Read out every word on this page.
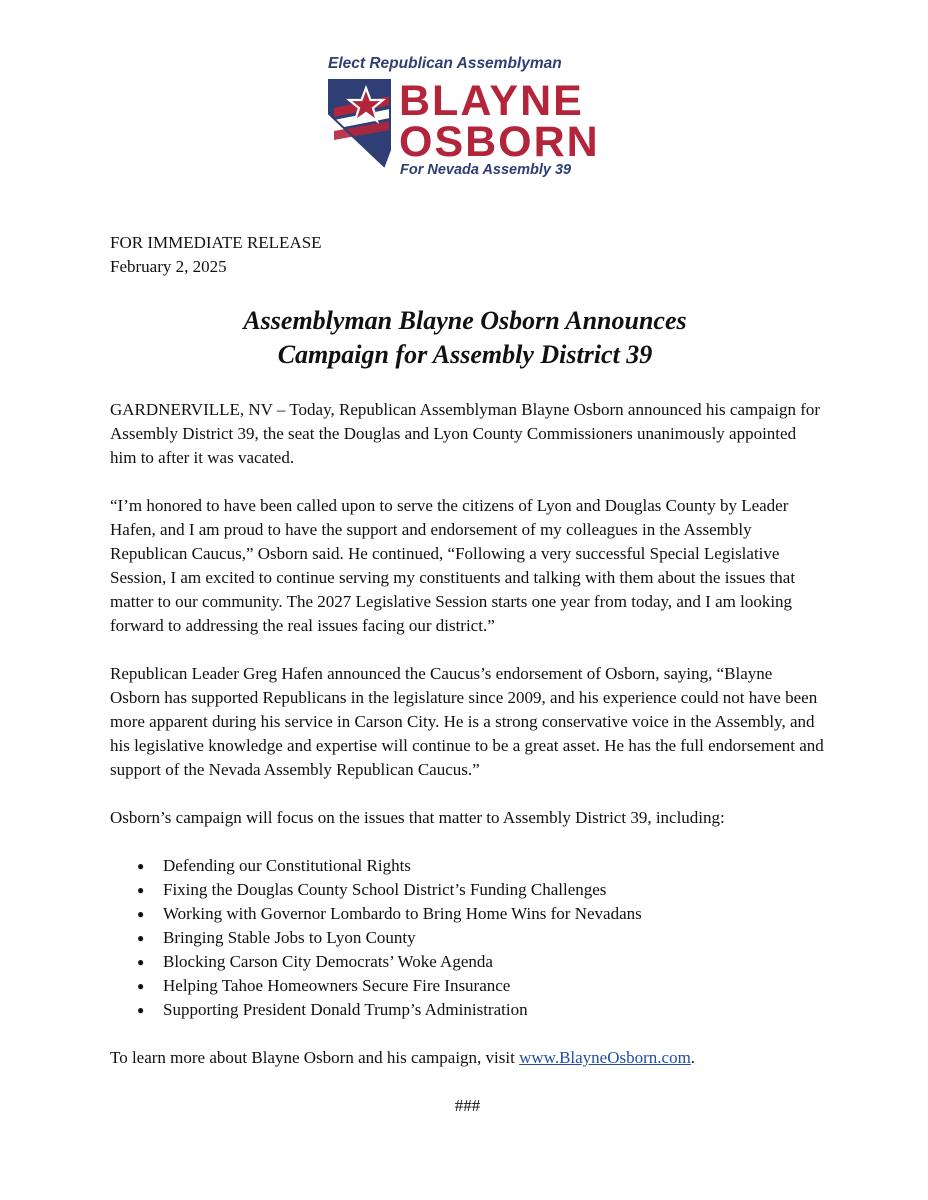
Elect Republican Assemblyman
BLAYNE
OSBORN
For Nevada Assembly 39
FOR IMMEDIATE RELEASE
February 2, 2025
Assemblyman Blayne Osborn Announces
Campaign for Assembly District 39

GARDNERVILLE, NV – Today, Republican Assemblyman Blayne Osborn announced his campaign for Assembly District 39, the seat the Douglas and Lyon County Commissioners unanimously appointed him to after it was vacated.

“I’m honored to have been called upon to serve the citizens of Lyon and Douglas County by Leader Hafen, and I am proud to have the support and endorsement of my colleagues in the Assembly Republican Caucus,” Osborn said. He continued, “Following a very successful Special Legislative Session, I am excited to continue serving my constituents and talking with them about the issues that matter to our community. The 2027 Legislative Session starts one year from today, and I am looking forward to addressing the real issues facing our district.”

Republican Leader Greg Hafen announced the Caucus’s endorsement of Osborn, saying, “Blayne Osborn has supported Republicans in the legislature since 2009, and his experience could not have been more apparent during his service in Carson City. He is a strong conservative voice in the Assembly, and his legislative knowledge and expertise will continue to be a great asset. He has the full endorsement and support of the Nevada Assembly Republican Caucus.”

Osborn’s campaign will focus on the issues that matter to Assembly District 39, including:

● Defending our Constitutional Rights
● Fixing the Douglas County School District’s Funding Challenges
● Working with Governor Lombardo to Bring Home Wins for Nevadans
● Bringing Stable Jobs to Lyon County
● Blocking Carson City Democrats’ Woke Agenda
● Helping Tahoe Homeowners Secure Fire Insurance
● Supporting President Donald Trump’s Administration

To learn more about Blayne Osborn and his campaign, visit www.BlayneOsborn.com.

###
